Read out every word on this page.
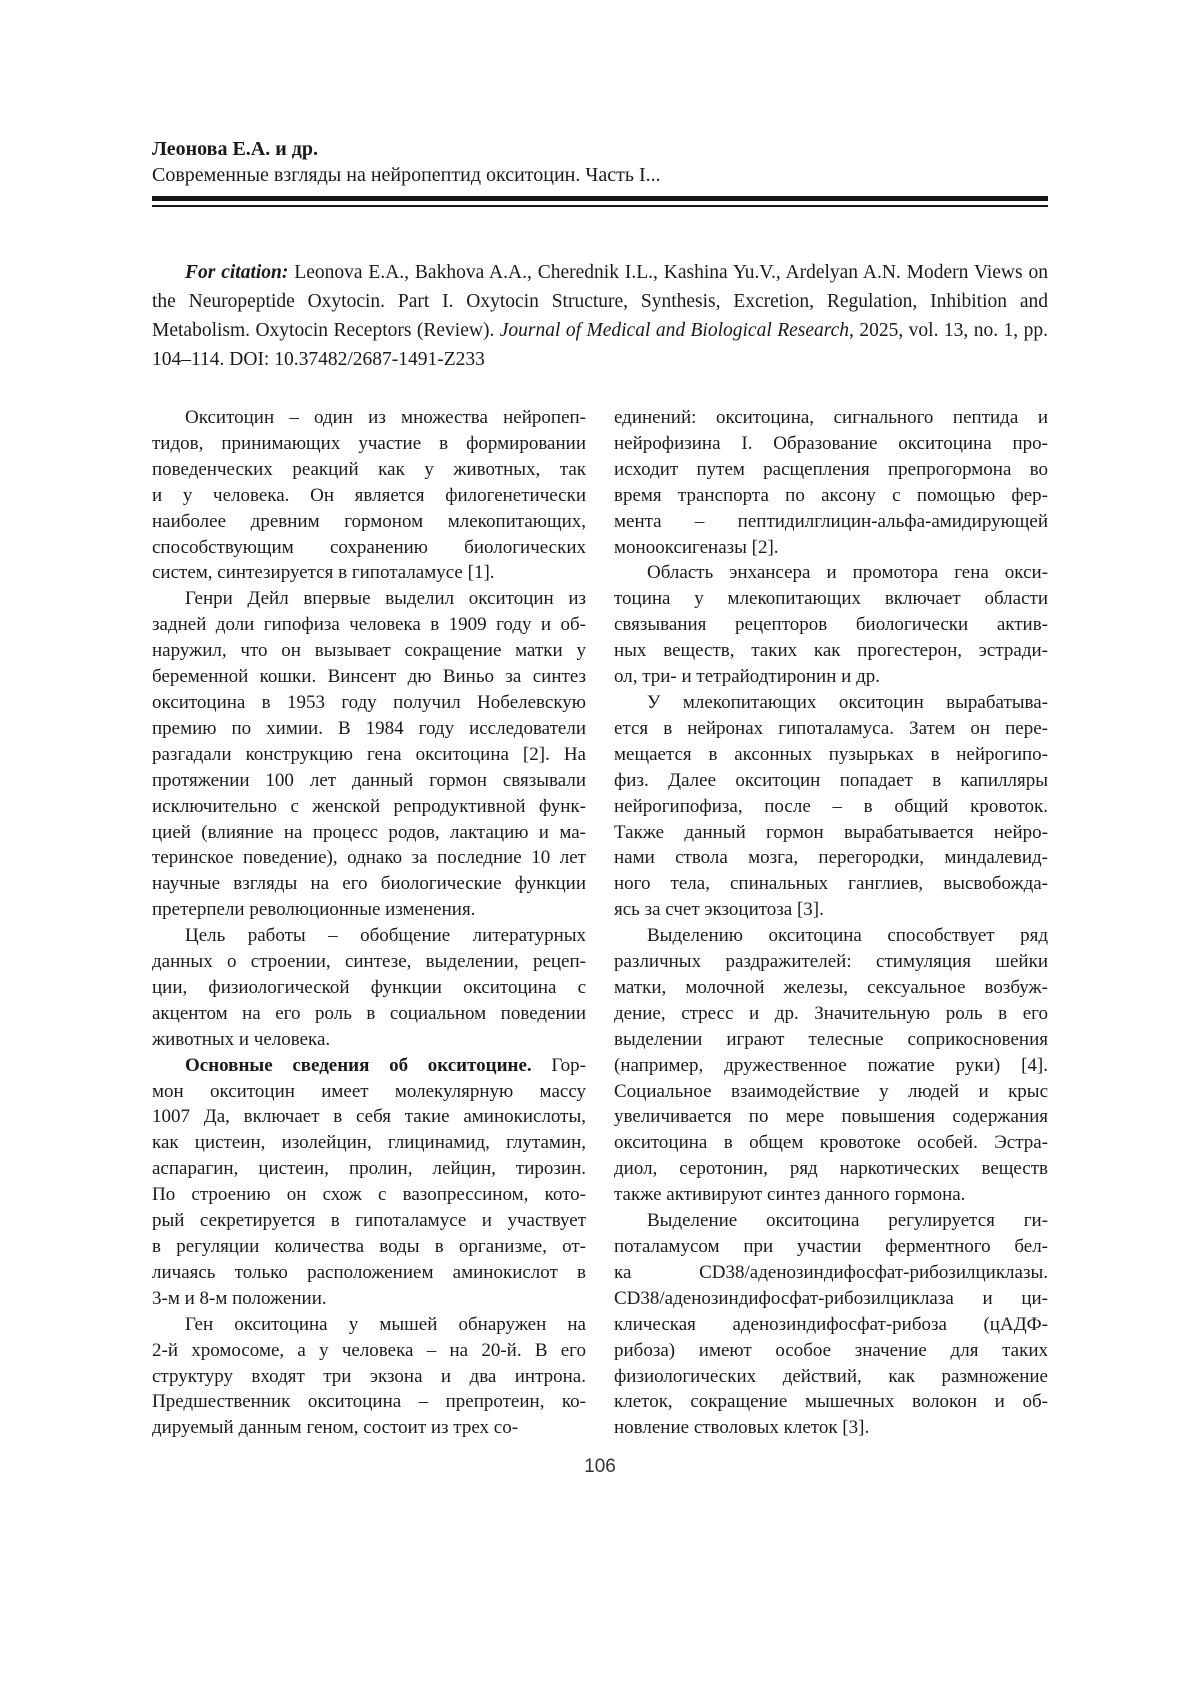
Леонова Е.А. и др.
Современные взгляды на нейропептид окситоцин. Часть I...

For citation: Leonova E.A., Bakhova A.A., Cherednik I.L., Kashina Yu.V., Ardelyan A.N. Modern Views on the Neuropeptide Oxytocin. Part I. Oxytocin Structure, Synthesis, Excretion, Regulation, Inhibition and Metabolism. Oxytocin Receptors (Review). Journal of Medical and Biological Research, 2025, vol. 13, no. 1, pp. 104–114. DOI: 10.37482/2687-1491-Z233

Окситоцин – один из множества нейропеп-
тидов, принимающих участие в формировании
поведенческих реакций как у животных, так
и у человека. Он является филогенетически
наиболее древним гормоном млекопитающих,
способствующим сохранению биологических
систем, синтезируется в гипоталамусе [1].
Генри Дейл впервые выделил окситоцин из
задней доли гипофиза человека в 1909 году и об-
наружил, что он вызывает сокращение матки у
беременной кошки. Винсент дю Виньо за синтез
окситоцина в 1953 году получил Нобелевскую
премию по химии. В 1984 году исследователи
разгадали конструкцию гена окситоцина [2]. На
протяжении 100 лет данный гормон связывали
исключительно с женской репродуктивной функ-
цией (влияние на процесс родов, лактацию и ма-
теринское поведение), однако за последние 10 лет
научные взгляды на его биологические функции
претерпели революционные изменения.
Цель работы – обобщение литературных
данных о строении, синтезе, выделении, рецеп-
ции, физиологической функции окситоцина с
акцентом на его роль в социальном поведении
животных и человека.
Основные сведения об окситоцине. Гор-
мон окситоцин имеет молекулярную массу
1007 Да, включает в себя такие аминокислоты,
как цистеин, изолейцин, глицинамид, глутамин,
аспарагин, цистеин, пролин, лейцин, тирозин.
По строению он схож с вазопрессином, кото-
рый секретируется в гипоталамусе и участвует
в регуляции количества воды в организме, от-
личаясь только расположением аминокислот в
3-м и 8-м положении.
Ген окситоцина у мышей обнаружен на
2-й хромосоме, а у человека – на 20-й. В его
структуру входят три экзона и два интрона.
Предшественник окситоцина – препротеин, ко-
дируемый данным геном, состоит из трех со-
единений: окситоцина, сигнального пептида и
нейрофизина I. Образование окситоцина про-
исходит путем расщепления препрогормона во
время транспорта по аксону с помощью фер-
мента – пептидилглицин-альфа-амидирующей
монооксигеназы [2].
Область энхансера и промотора гена окси-
тоцина у млекопитающих включает области
связывания рецепторов биологически актив-
ных веществ, таких как прогестерон, эстради-
ол, три- и тетрайодтиронин и др.
У млекопитающих окситоцин вырабатыва-
ется в нейронах гипоталамуса. Затем он пере-
мещается в аксонных пузырьках в нейрогипо-
физ. Далее окситоцин попадает в капилляры
нейрогипофиза, после – в общий кровоток.
Также данный гормон вырабатывается нейро-
нами ствола мозга, перегородки, миндалевид-
ного тела, спинальных ганглиев, высвобожда-
ясь за счет экзоцитоза [3].
Выделению окситоцина способствует ряд
различных раздражителей: стимуляция шейки
матки, молочной железы, сексуальное возбуж-
дение, стресс и др. Значительную роль в его
выделении играют телесные соприкосновения
(например, дружественное пожатие руки) [4].
Социальное взаимодействие у людей и крыс
увеличивается по мере повышения содержания
окситоцина в общем кровотоке особей. Эстра-
диол, серотонин, ряд наркотических веществ
также активируют синтез данного гормона.
Выделение окситоцина регулируется ги-
поталамусом при участии ферментного бел-
ка CD38/аденозиндифосфат-рибозилциклазы.
CD38/аденозиндифосфат-рибозилциклаза и ци-
клическая аденозиндифосфат-рибоза (цАДФ-
рибоза) имеют особое значение для таких
физиологических действий, как размножение
клеток, сокращение мышечных волокон и об-
новление стволовых клеток [3].
106
